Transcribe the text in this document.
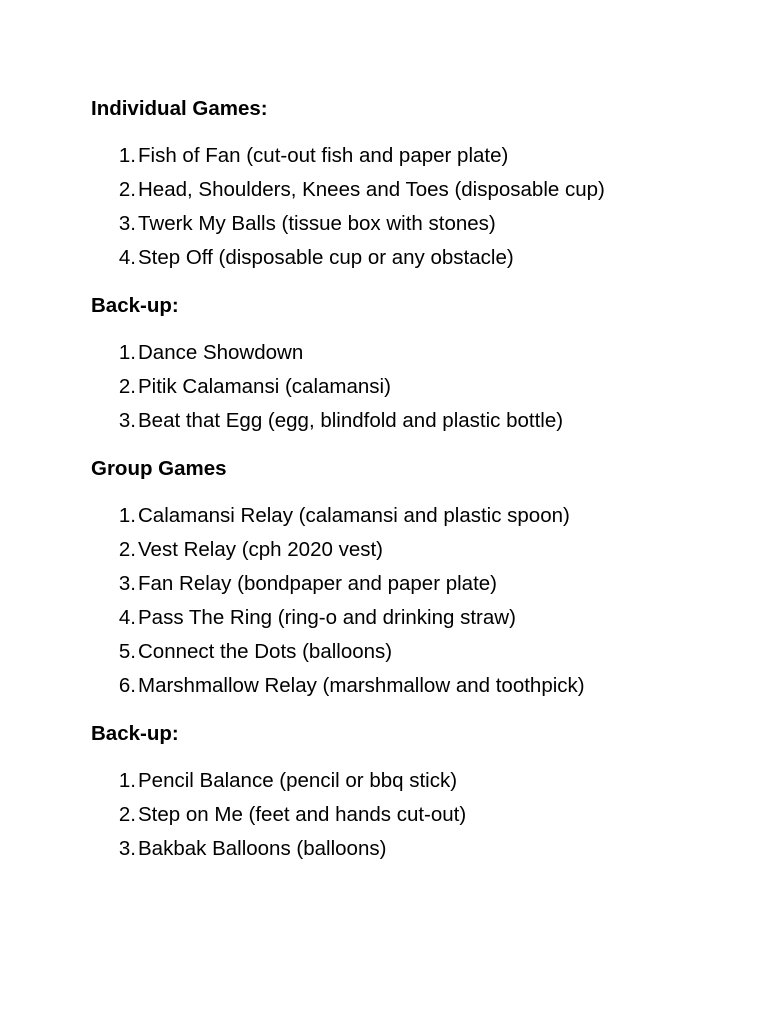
Individual Games:
1. Fish of Fan (cut-out fish and paper plate)
2. Head, Shoulders, Knees and Toes (disposable cup)
3. Twerk My Balls (tissue box with stones)
4. Step Off (disposable cup or any obstacle)
Back-up:
1. Dance Showdown
2. Pitik Calamansi (calamansi)
3. Beat that Egg (egg, blindfold and plastic bottle)
Group Games
1. Calamansi Relay (calamansi and plastic spoon)
2. Vest Relay (cph 2020 vest)
3. Fan Relay (bondpaper and paper plate)
4. Pass The Ring (ring-o and drinking straw)
5. Connect the Dots (balloons)
6. Marshmallow Relay (marshmallow and toothpick)
Back-up:
1. Pencil Balance (pencil or bbq stick)
2. Step on Me (feet and hands cut-out)
3. Bakbak Balloons (balloons)
